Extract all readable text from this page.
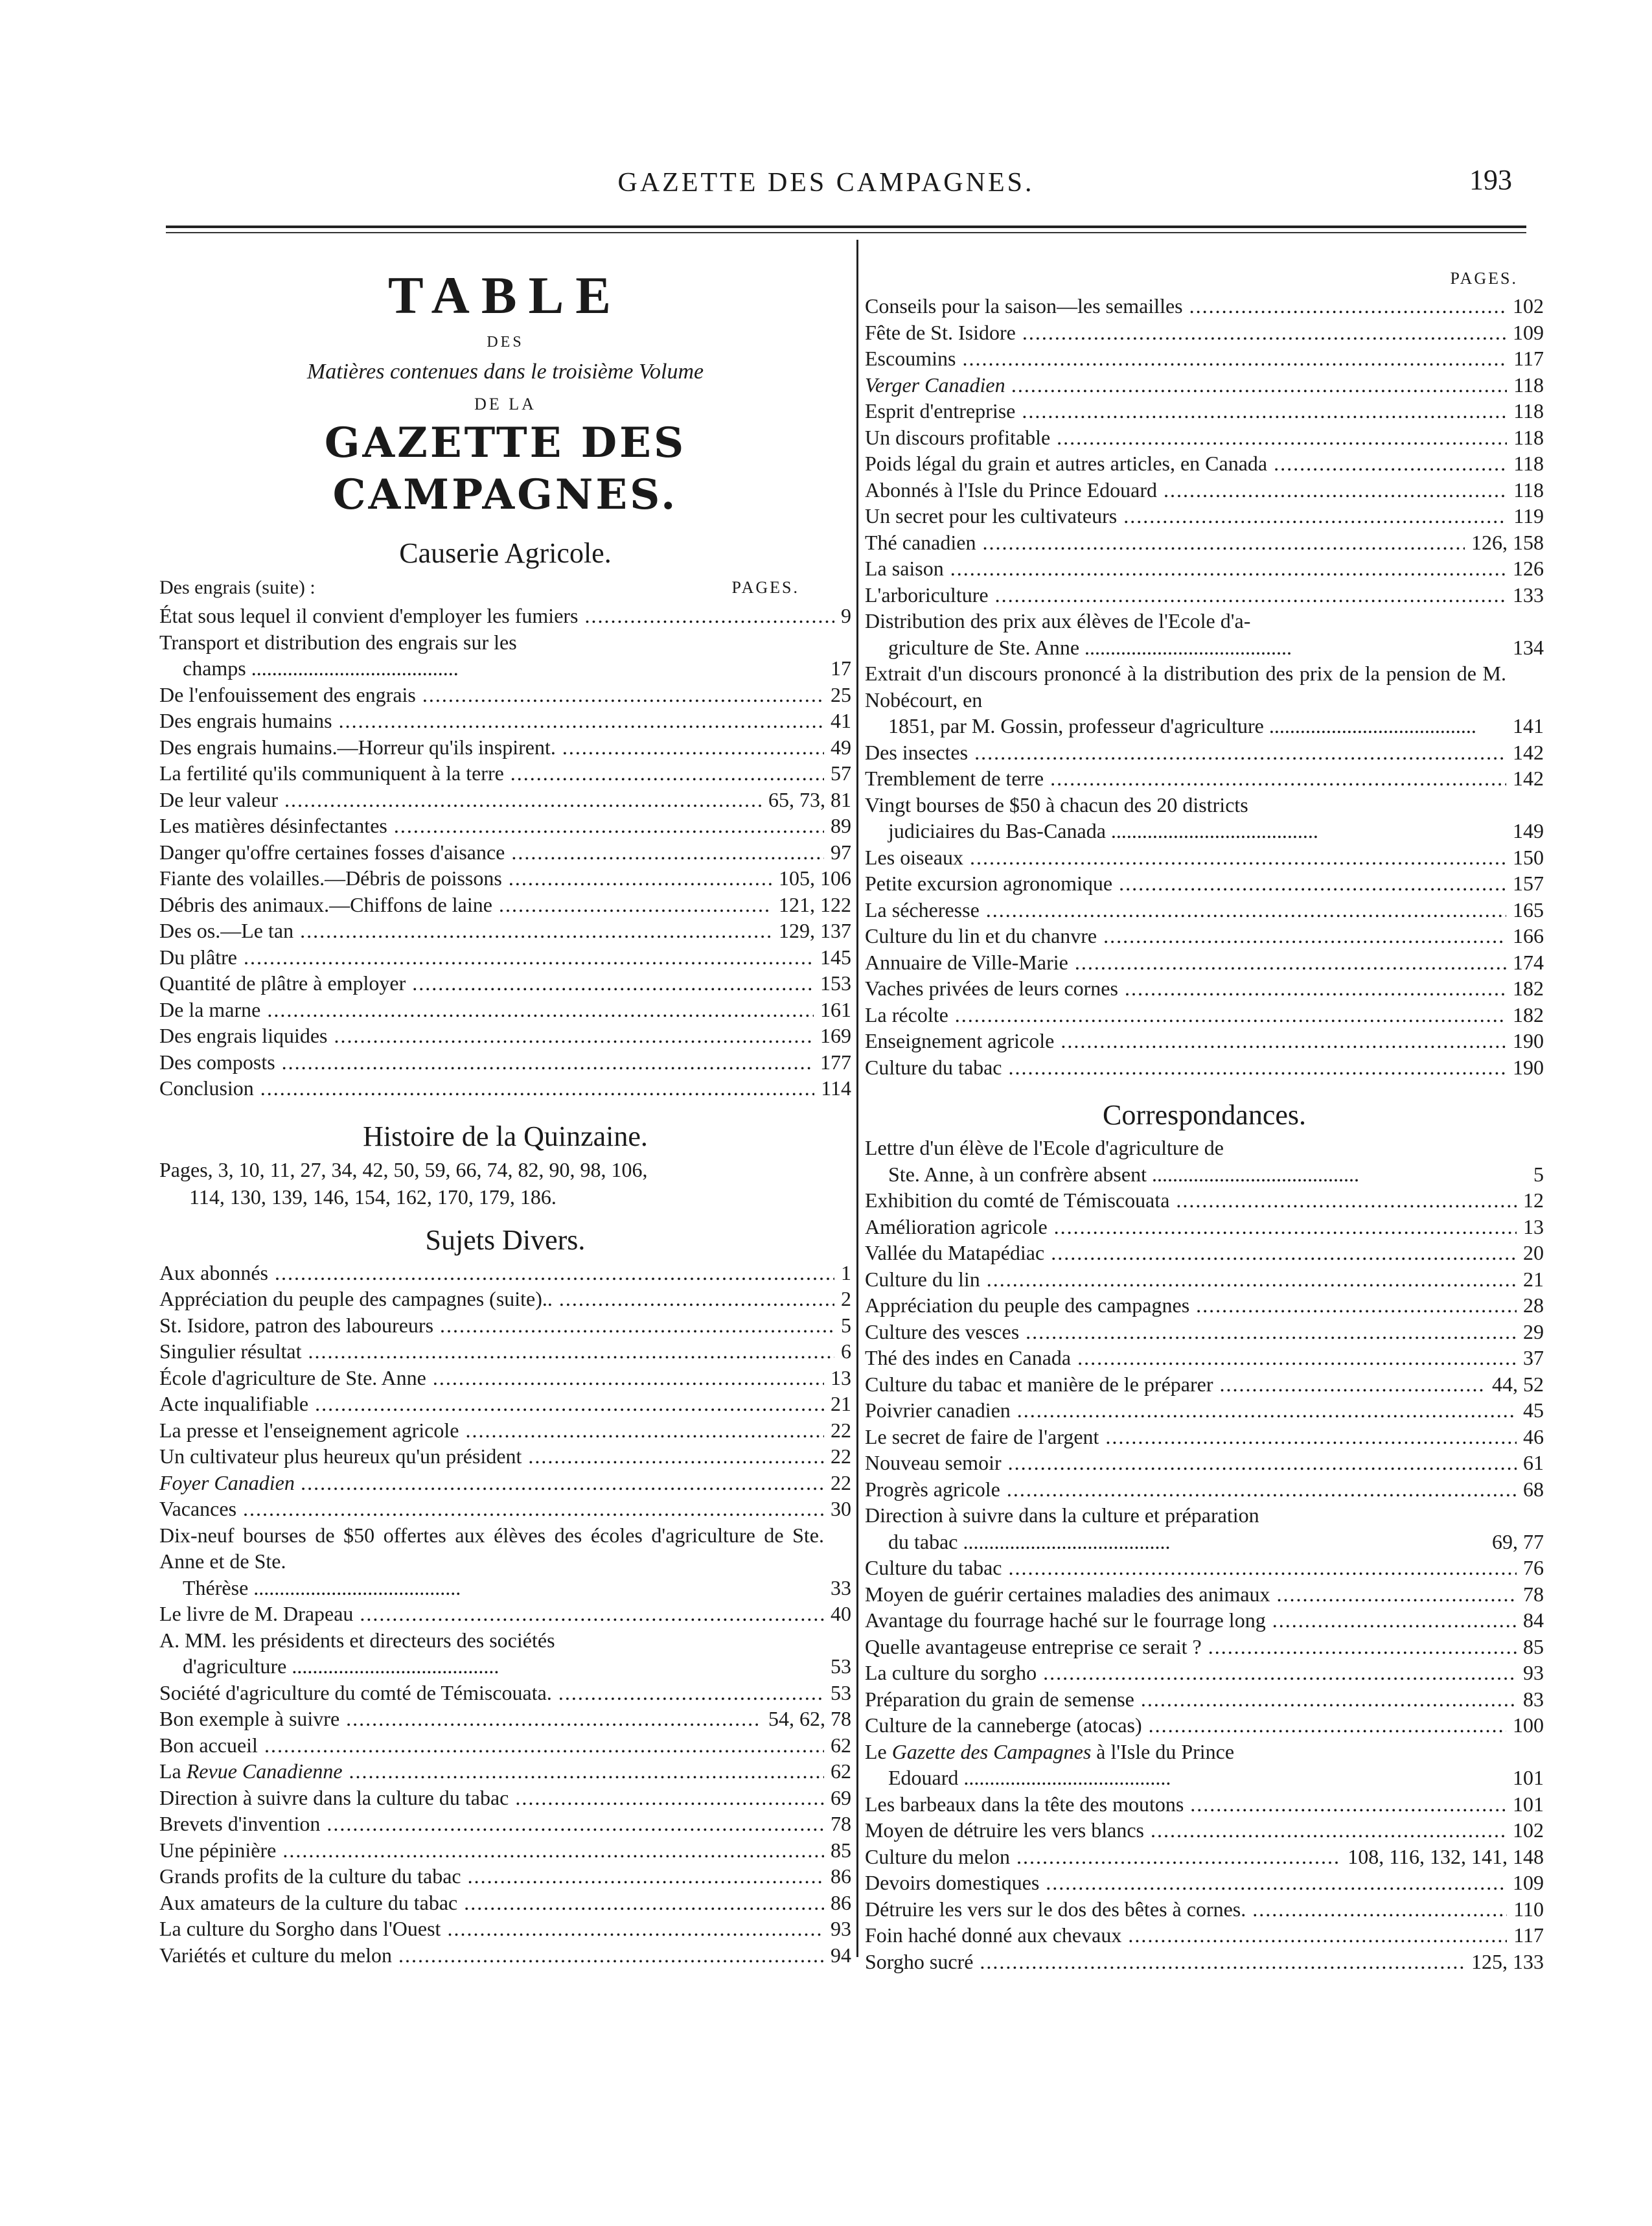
GAZETTE DES CAMPAGNES.	193
TABLE
DES
Matières contenues dans le troisième Volume
DE LA
GAZETTE DES CAMPAGNES.
Causerie Agricole.
Des engrais (suite) :	PAGES.
État sous lequel il convient d'employer les fumiers .....	9
Transport et distribution des engrais sur les
champs ........................................	17
De l'enfouissement des engrais .....	25
Des engrais humains .....	41
Des engrais humains.—Horreur qu'ils inspirent. .....	49
La fertilité qu'ils communiquent à la terre .....	57
De leur valeur .....	65, 73, 81
Les matières désinfectantes .....	89
Danger qu'offre certaines fosses d'aisance .....	97
Fiante des volailles.—Débris de poissons .....	105, 106
Débris des animaux.—Chiffons de laine .....	121, 122
Des os.—Le tan .....	129, 137
Du plâtre .....	145
Quantité de plâtre à employer .....	153
De la marne .....	161
Des engrais liquides .....	169
Des composts .....	177
Conclusion .....	114
Histoire de la Quinzaine.
Pages, 3, 10, 11, 27, 34, 42, 50, 59, 66, 74, 82, 90, 98, 106,
114, 130, 139, 146, 154, 162, 170, 179, 186.
Sujets Divers.
Aux abonnés .....	1
Appréciation du peuple des campagnes (suite).. .....	2
St. Isidore, patron des laboureurs .....	5
Singulier résultat .....	6
École d'agriculture de Ste. Anne .....	13
Acte inqualifiable .....	21
La presse et l'enseignement agricole .....	22
Un cultivateur plus heureux qu'un président .....	22
Foyer Canadien .....	22
Vacances .....	30
Dix-neuf bourses de $50 offertes aux élèves des écoles d'agriculture de Ste. Anne et de Ste.
Thérèse ........................................	33
Le livre de M. Drapeau .....	40
A. MM. les présidents et directeurs des sociétés
d'agriculture ........................................	53
Société d'agriculture du comté de Témiscouata. .....	53
Bon exemple à suivre .....	54, 62, 78
Bon accueil .....	62
La Revue Canadienne .....	62
Direction à suivre dans la culture du tabac .....	69
Brevets d'invention .....	78
Une pépinière .....	85
Grands profits de la culture du tabac .....	86
Aux amateurs de la culture du tabac .....	86
La culture du Sorgho dans l'Ouest .....	93
Variétés et culture du melon .....	94
PAGES.
Conseils pour la saison—les semailles .....	102
Fête de St. Isidore .....	109
Escoumins .....	117
Verger Canadien .....	118
Esprit d'entreprise .....	118
Un discours profitable .....	118
Poids légal du grain et autres articles, en Canada .....	118
Abonnés à l'Isle du Prince Edouard .....	118
Un secret pour les cultivateurs .....	119
Thé canadien .....	126, 158
La saison .....	126
L'arboriculture .....	133
Distribution des prix aux élèves de l'Ecole d'a-
griculture de Ste. Anne ........................................	134
Extrait d'un discours prononcé à la distribution des prix de la pension de M. Nobécourt, en
1851, par M. Gossin, professeur d'agriculture ........................................	141
Des insectes .....	142
Tremblement de terre .....	142
Vingt bourses de $50 à chacun des 20 districts
judiciaires du Bas-Canada ........................................	149
Les oiseaux .....	150
Petite excursion agronomique .....	157
La sécheresse .....	165
Culture du lin et du chanvre .....	166
Annuaire de Ville-Marie .....	174
Vaches privées de leurs cornes .....	182
La récolte .....	182
Enseignement agricole .....	190
Culture du tabac .....	190
Correspondances.
Lettre d'un élève de l'Ecole d'agriculture de
Ste. Anne, à un confrère absent ........................................	5
Exhibition du comté de Témiscouata .....	12
Amélioration agricole .....	13
Vallée du Matapédiac .....	20
Culture du lin .....	21
Appréciation du peuple des campagnes .....	28
Culture des vesces .....	29
Thé des indes en Canada .....	37
Culture du tabac et manière de le préparer .....	44, 52
Poivrier canadien .....	45
Le secret de faire de l'argent .....	46
Nouveau semoir .....	61
Progrès agricole .....	68
Direction à suivre dans la culture et préparation
du tabac ........................................	69, 77
Culture du tabac .....	76
Moyen de guérir certaines maladies des animaux .....	78
Avantage du fourrage haché sur le fourrage long .....	84
Quelle avantageuse entreprise ce serait ? .....	85
La culture du sorgho .....	93
Préparation du grain de semense .....	83
Culture de la canneberge (atocas) .....	100
Le Gazette des Campagnes à l'Isle du Prince
Edouard ........................................	101
Les barbeaux dans la tête des moutons .....	101
Moyen de détruire les vers blancs .....	102
Culture du melon .....	108, 116, 132, 141, 148
Devoirs domestiques .....	109
Détruire les vers sur le dos des bêtes à cornes. .....	110
Foin haché donné aux chevaux .....	117
Sorgho sucré .....	125, 133
